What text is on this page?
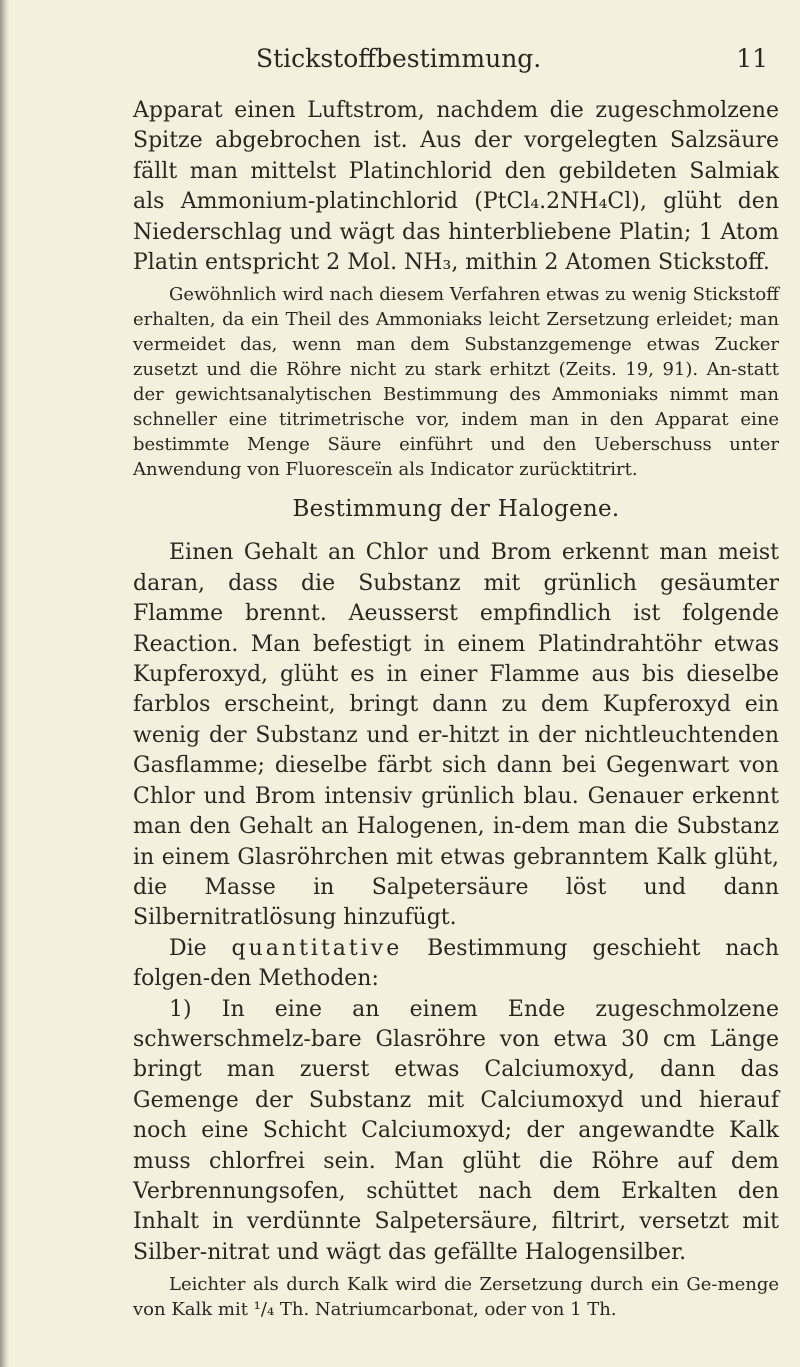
Stickstoffbestimmung.	11

Apparat einen Luftstrom, nachdem die zugeschmolzene Spitze abgebrochen ist. Aus der vorgelegten Salzsäure fällt man mittelst Platinchlorid den gebildeten Salmiak als Ammonium-platinchlorid (PtCl₄.2NH₄Cl), glüht den Niederschlag und wägt das hinterbliebene Platin; 1 Atom Platin entspricht 2 Mol. NH₃, mithin 2 Atomen Stickstoff.

Gewöhnlich wird nach diesem Verfahren etwas zu wenig Stickstoff erhalten, da ein Theil des Ammoniaks leicht Zersetzung erleidet; man vermeidet das, wenn man dem Substanzgemenge etwas Zucker zusetzt und die Röhre nicht zu stark erhitzt (Zeits. 19, 91). An-statt der gewichtsanalytischen Bestimmung des Ammoniaks nimmt man schneller eine titrimetrische vor, indem man in den Apparat eine bestimmte Menge Säure einführt und den Ueberschuss unter Anwendung von Fluoresceïn als Indicator zurücktitrirt.

Bestimmung der Halogene.

Einen Gehalt an Chlor und Brom erkennt man meist daran, dass die Substanz mit grünlich gesäumter Flamme brennt. Aeusserst empfindlich ist folgende Reaction. Man befestigt in einem Platindrahtöhr etwas Kupferoxyd, glüht es in einer Flamme aus bis dieselbe farblos erscheint, bringt dann zu dem Kupferoxyd ein wenig der Substanz und er-hitzt in der nichtleuchtenden Gasflamme; dieselbe färbt sich dann bei Gegenwart von Chlor und Brom intensiv grünlich blau. Genauer erkennt man den Gehalt an Halogenen, in-dem man die Substanz in einem Glasröhrchen mit etwas gebranntem Kalk glüht, die Masse in Salpetersäure löst und dann Silbernitratlösung hinzufügt.

Die quantitative Bestimmung geschieht nach folgen-den Methoden:

1) In eine an einem Ende zugeschmolzene schwerschmelz-bare Glasröhre von etwa 30 cm Länge bringt man zuerst etwas Calciumoxyd, dann das Gemenge der Substanz mit Calciumoxyd und hierauf noch eine Schicht Calciumoxyd; der angewandte Kalk muss chlorfrei sein. Man glüht die Röhre auf dem Verbrennungsofen, schüttet nach dem Erkalten den Inhalt in verdünnte Salpetersäure, filtrirt, versetzt mit Silber-nitrat und wägt das gefällte Halogensilber.

Leichter als durch Kalk wird die Zersetzung durch ein Ge-menge von Kalk mit ¹/₄ Th. Natriumcarbonat, oder von 1 Th.
